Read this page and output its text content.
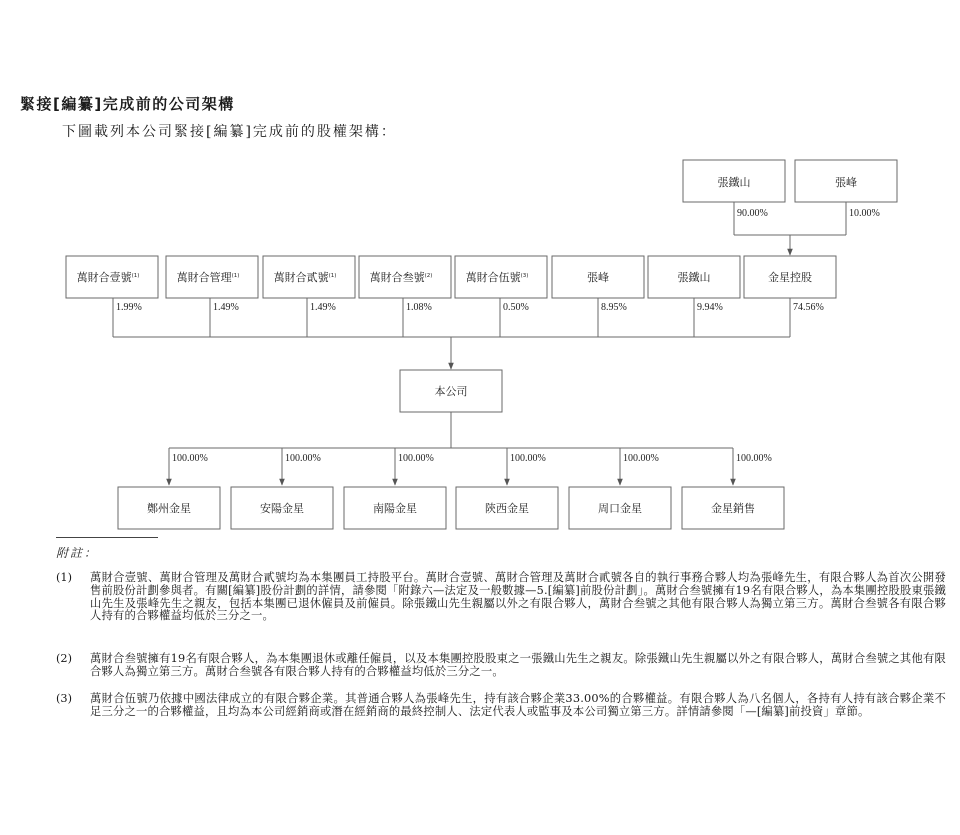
緊接[編纂]完成前的公司架構
下圖載列本公司緊接[編纂]完成前的股權架構：
張鐵山	張峰
90.00%	10.00%
萬財合壹號$^{(1)}$	萬財合管理$^{(1)}$	萬財合貳號$^{(1)}$	萬財合叁號$^{(2)}$	萬財合伍號$^{(3)}$	張峰	張鐵山	金星控股
1.99%	1.49%	1.49%	1.08%	0.50%	8.95%	9.94%	74.56%
本公司
100.00%	100.00%	100.00%	100.00%	100.00%	100.00%
鄭州金星	安陽金星	南陽金星	陝西金星	周口金星	金星銷售
附註：
(1)	萬財合壹號、萬財合管理及萬財合貳號均為本集團員工持股平台。萬財合壹號、萬財合管理及萬財合貳號各自的執行事務合夥人均為張峰先生，有限合夥人為首次公開發售前股份計劃參與者。有關[編纂]股份計劃的詳情，請參閱「附錄六—法定及一般數據—5.[編纂]前股份計劃」。萬財合叁號擁有19名有限合夥人，為本集團控股股東張鐵山先生及張峰先生之親友，包括本集團已退休僱員及前僱員。除張鐵山先生親屬以外之有限合夥人，萬財合叁號之其他有限合夥人為獨立第三方。萬財合叁號各有限合夥人持有的合夥權益均低於三分之一。
(2)	萬財合叁號擁有19名有限合夥人，為本集團退休或離任僱員，以及本集團控股股東之一張鐵山先生之親友。除張鐵山先生親屬以外之有限合夥人，萬財合叁號之其他有限合夥人為獨立第三方。萬財合叁號各有限合夥人持有的合夥權益均低於三分之一。
(3)	萬財合伍號乃依據中國法律成立的有限合夥企業。其普通合夥人為張峰先生，持有該合夥企業33.00%的合夥權益。有限合夥人為八名個人，各持有人持有該合夥企業不足三分之一的合夥權益，且均為本公司經銷商或潛在經銷商的最終控制人、法定代表人或監事及本公司獨立第三方。詳情請參閱「—[編纂]前投資」章節。
